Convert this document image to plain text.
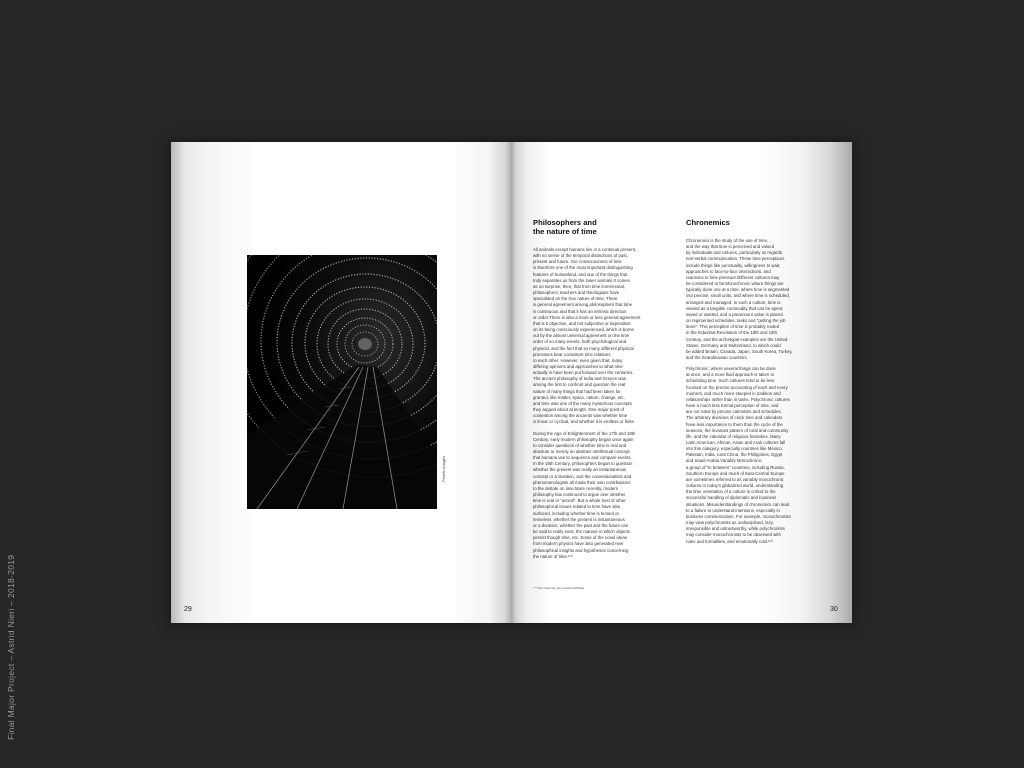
Final Major Project – Astrid Nieri – 2018-2019
Pexels Images
29
Philosophers and
the nature of time

All animals except humans live in a continual present,
with no sense of the temporal distinctions of past,
present and future. Our consciousness of time
is therefore one of the most important distinguishing
features of humankind, and one of the things that
truly separates us from the lower animals.It comes
as no surprise, then, that from time immemorial,
philosophers, teachers and theologians have
speculated on the true nature of time. There
is general agreement among philosophers that time
is continuous and that it has an intrinsic direction
or order.There is also a more or less general agreement
that is it objective, and not subjective or dependent
on its being consciously experienced, which is borne
out by the almost universal agreement on the time
order of so many events, both psychological and
physical, and the fact that so many different physical
processes bear consistent time relations
to each other. However, even given that, many
differing opinions and approaches to what time
actually is have been put forward over the centuries.
The ancient philosophy of India and Greece was
among the first to confront and question the real
nature of many things that had been taken for
granted, like matter, space, nature, change, etc,
and time was one of the many mysterious concepts
they argued about at length. One major point of
contention among the ancients was whether time
is linear or cyclical, and whether it is endless or finite.

During the Age of Enlightenment of the 17th and 18th
Century, early modern philosophy began once again
to consider questions of whether time is real and
absolute or merely an abstract intellectual concept
that humans use to sequence and compare events.
In the 19th Century, philosophers began to question
whether the present was really an instantaneous
concept or a duration, and the conventionalists and
phenomenologists all made their own contributions
to the debate on time.More recently, modern
philosophy has continued to argue over whether
time is real or “unreal”. But a whole host of other
philosophical issues related to time have also
surfaced, including whether time is tensed or
tenseless, whether the present is instantaneous
or a duration, whether the past and the future can
be said to really exist, the manner in which objects
persist though time, etc. Some of the novel ideas
from modern physics have also generated new
philosophical insights and hypotheses concerning
the nature of time.¹⁰⁹

Chronemics

Chronemics is the study of the use of time,
and the way that time is perceived and valued
by individuals and cultures, particularly as regards
non-verbal communication. These time perceptions
include things like punctuality, willingness to wait,
approaches to face-to-face interactions, and
reactions to time pressure.Different cultures may
be considered to be:Monochronic where things are
typically done one at a time, where time is segmented
into precise, small units, and where time is scheduled,
arranged and managed. In such a culture, time is
viewed as a tangible commodity that can be spent,
saved or wasted, and a paramount value is placed
on regimented schedules, tasks and “getting the job
done”. This perception of time is probably rooted
in the Industrial Revolution of the 18th and 19th
Century, and the archetypal examples are the United
States, Germany and Switzerland, to which could
be added Britain, Canada, Japan, South Korea, Turkey,
and the Scandinavian countries.

Polychronic, where several things can be done
at once, and a more fluid approach is taken to
scheduling time. Such cultures tend to be less
focused on the precise accounting of each and every
moment, and much more steeped in tradition and
relationships rather than in tasks. Polychronic cultures
have a much less formal perception of time, and
are not ruled by precise calendars and schedules.
The arbitrary divisions of clock time and calendars
have less importance to them than the cycle of the
seasons, the invariant pattern of rural and community
life, and the calendar of religious festivities. Many
Latin American, African, Asian and Arab cultures fall
into this category, especially countries like Mexico,
Pakistan, India, rural China, the Philippines, Egypt
and Saudi Arabia.Variably Monochronic
a group of “in between” countries, including Russia,
Southern Europe and much of East-Central Europe
are sometimes referred to as variably monochronic
cultures.In today's globalized world, understanding
the time orientation of a culture is critical to the
successful handling of diplomatic and business
situations. Misunderstandings of chronemics can lead
to a failure to understand intentions, especially in
business communication. For example, monochronists
may view polychronists as undisciplined, lazy,
irresponsible and untrustworthy, while polychronists
may consider monochronists to be obsessed with
rules and formalities, and emotionally cold.¹¹⁰

¹⁰⁹ http://www.iep.utm.edu/time/#SH1a
30
